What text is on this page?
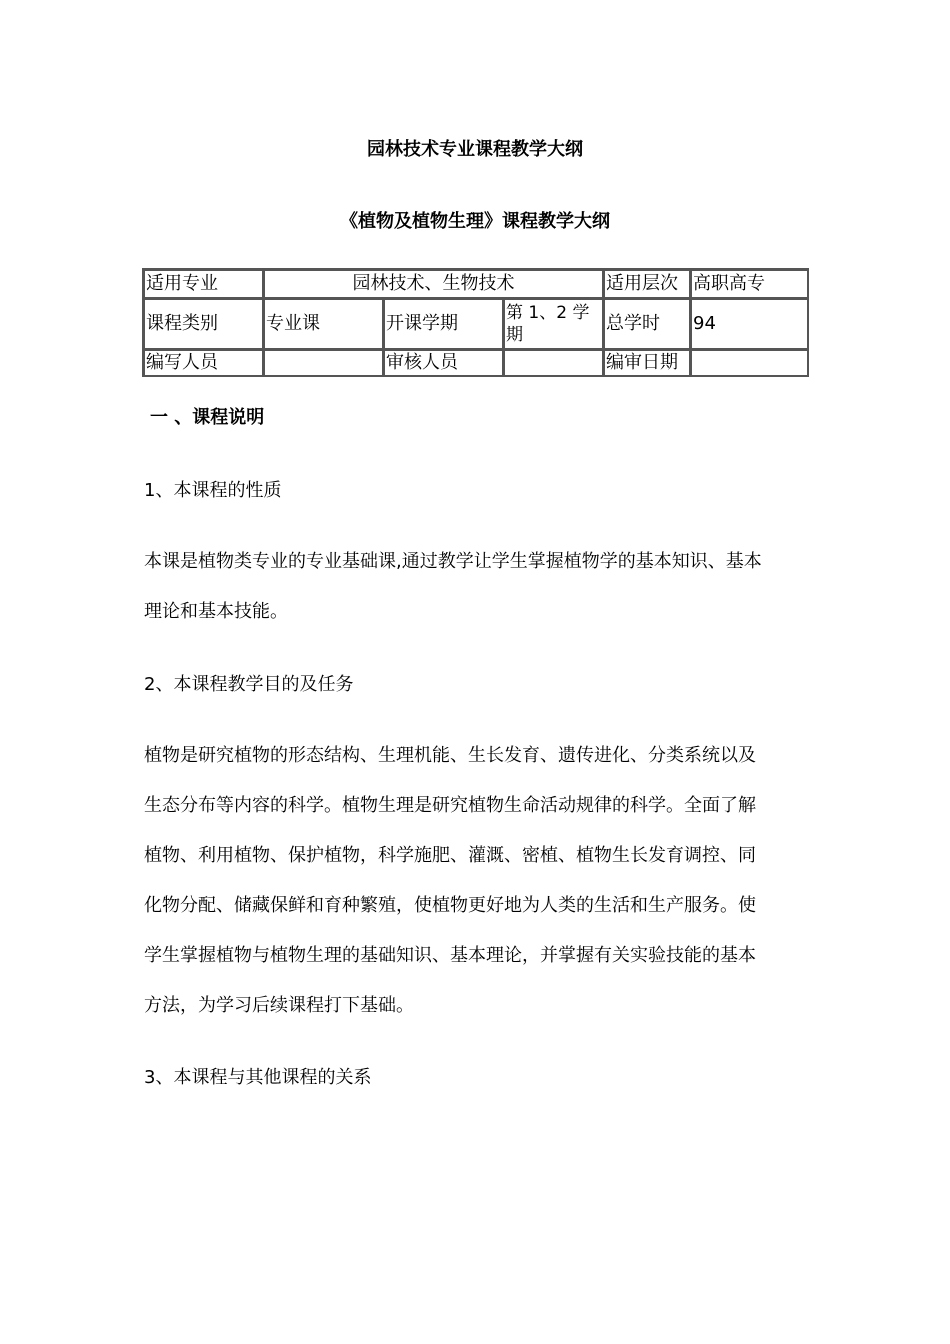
园林技术专业课程教学大纲
《植物及植物生理》课程教学大纲
适用专业	园林技术、生物技术			适用层次	高职高专
课程类别	专业课	开课学期	第 1、2 学期	总学时	94
编写人员		审核人员		编审日期	
一 、课程说明

1、本课程的性质

本课是植物类专业的专业基础课,通过教学让学生掌握植物学的基本知识、基本
理论和基本技能。

2、本课程教学目的及任务

植物是研究植物的形态结构、生理机能、生长发育、遗传进化、分类系统以及
生态分布等内容的科学。植物生理是研究植物生命活动规律的科学。全面了解
植物、利用植物、保护植物，科学施肥、灌溉、密植、植物生长发育调控、同
化物分配、储藏保鲜和育种繁殖，使植物更好地为人类的生活和生产服务。使
学生掌握植物与植物生理的基础知识、基本理论，并掌握有关实验技能的基本
方法，为学习后续课程打下基础。

3、本课程与其他课程的关系
